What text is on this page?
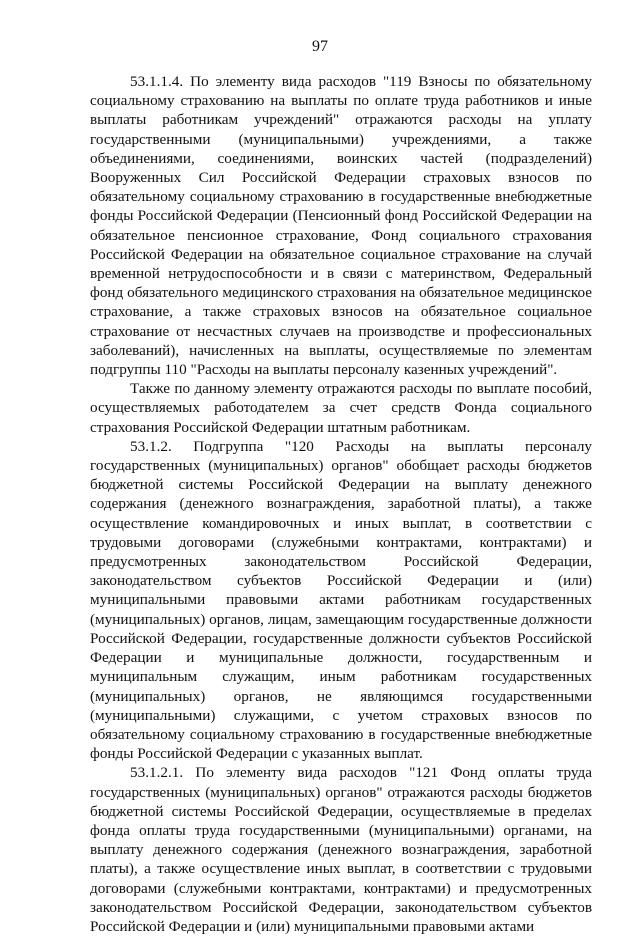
97

53.1.1.4. По элементу вида расходов "119 Взносы по обязательному социальному страхованию на выплаты по оплате труда работников и иные выплаты работникам учреждений" отражаются расходы на уплату государственными (муниципальными) учреждениями, а также объединениями, соединениями, воинских частей (подразделений) Вооруженных Сил Российской Федерации страховых взносов по обязательному социальному страхованию в государственные внебюджетные фонды Российской Федерации (Пенсионный фонд Российской Федерации на обязательное пенсионное страхование, Фонд социального страхования Российской Федерации на обязательное социальное страхование на случай временной нетрудоспособности и в связи с материнством, Федеральный фонд обязательного медицинского страхования на обязательное медицинское страхование, а также страховых взносов на обязательное социальное страхование от несчастных случаев на производстве и профессиональных заболеваний), начисленных на выплаты, осуществляемые по элементам подгруппы 110 "Расходы на выплаты персоналу казенных учреждений".

Также по данному элементу отражаются расходы по выплате пособий, осуществляемых работодателем за счет средств Фонда социального страхования Российской Федерации штатным работникам.

53.1.2. Подгруппа "120 Расходы на выплаты персоналу государственных (муниципальных) органов" обобщает расходы бюджетов бюджетной системы Российской Федерации на выплату денежного содержания (денежного вознаграждения, заработной платы), а также осуществление командировочных и иных выплат, в соответствии с трудовыми договорами (служебными контрактами, контрактами) и предусмотренных законодательством Российской Федерации, законодательством субъектов Российской Федерации и (или) муниципальными правовыми актами работникам государственных (муниципальных) органов, лицам, замещающим государственные должности Российской Федерации, государственные должности субъектов Российской Федерации и муниципальные должности, государственным и муниципальным служащим, иным работникам государственных (муниципальных) органов, не являющимся государственными (муниципальными) служащими, с учетом страховых взносов по обязательному социальному страхованию в государственные внебюджетные фонды Российской Федерации с указанных выплат.

53.1.2.1. По элементу вида расходов "121 Фонд оплаты труда государственных (муниципальных) органов" отражаются расходы бюджетов бюджетной системы Российской Федерации, осуществляемые в пределах фонда оплаты труда государственными (муниципальными) органами, на выплату денежного содержания (денежного вознаграждения, заработной платы), а также осуществление иных выплат, в соответствии с трудовыми договорами (служебными контрактами, контрактами) и предусмотренных законодательством Российской Федерации, законодательством субъектов Российской Федерации и (или) муниципальными правовыми актами
